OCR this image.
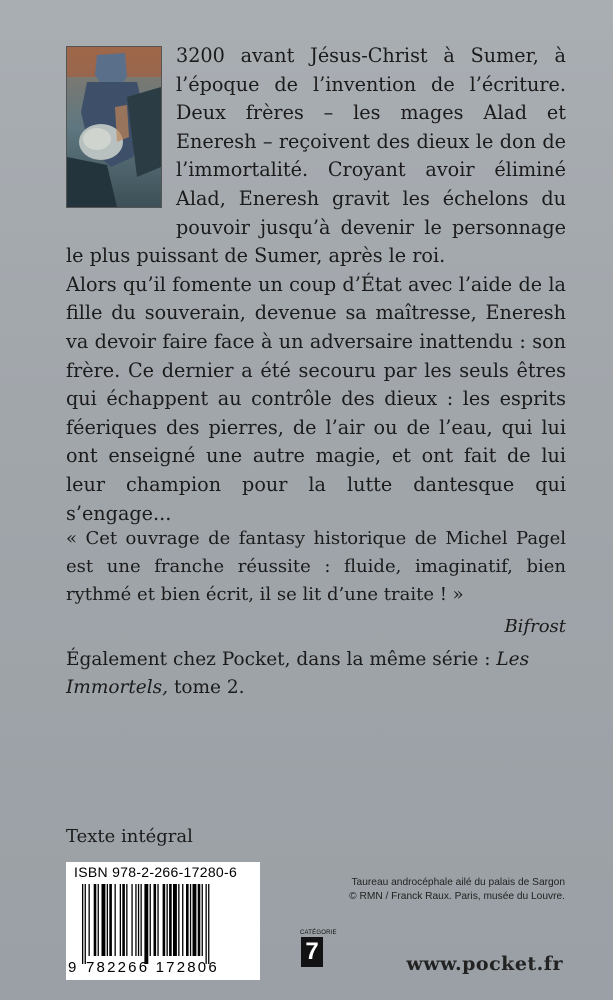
3200 avant Jésus-Christ à Sumer, à l’époque de l’invention de l’écriture. Deux frères – les mages Alad et Eneresh – reçoivent des dieux le don de l’immortalité. Croyant avoir éliminé Alad, Eneresh gravit les échelons du pouvoir jusqu’à devenir le personnage le plus puissant de Sumer, après le roi.
Alors qu’il fomente un coup d’État avec l’aide de la fille du souverain, devenue sa maîtresse, Eneresh va devoir faire face à un adversaire inattendu : son frère. Ce dernier a été secouru par les seuls êtres qui échappent au contrôle des dieux : les esprits féeriques des pierres, de l’air ou de l’eau, qui lui ont enseigné une autre magie, et ont fait de lui leur champion pour la lutte dantesque qui s’engage...
« Cet ouvrage de fantasy historique de Michel Pagel est une franche réussite : fluide, imaginatif, bien rythmé et bien écrit, il se lit d’une traite ! »
Bifrost
Également chez Pocket, dans la même série : Les Immortels, tome 2.
Texte intégral
ISBN 978-2-266-17280-6
9 782266 172806
Taureau androcéphale ailé du palais de Sargon
© RMN / Franck Raux. Paris, musée du Louvre.
CATÉGORIE
7	www.pocket.fr
